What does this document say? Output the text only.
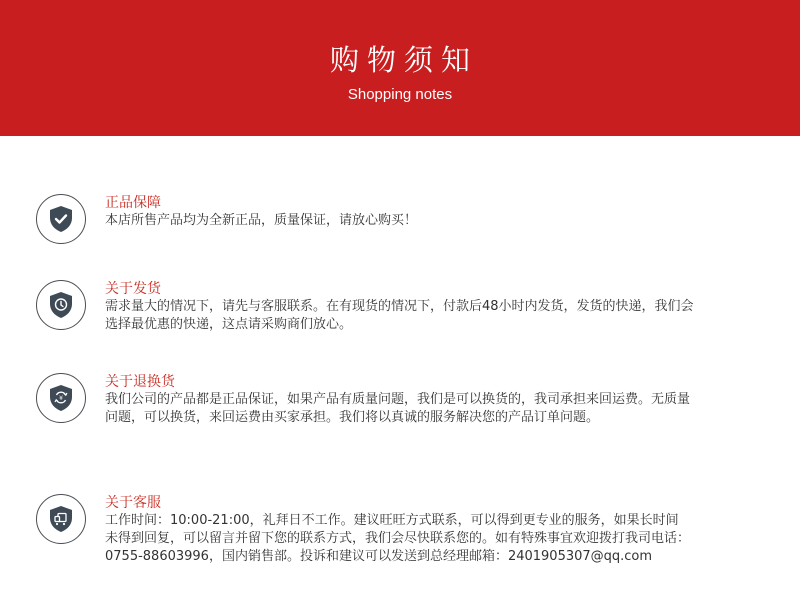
购物须知
Shopping notes
正品保障
本店所售产品均为全新正品，质量保证，请放心购买！
关于发货
需求量大的情况下，请先与客服联系。在有现货的情况下，付款后48小时内发货，发货的快递，我们会
选择最优惠的快递，这点请采购商们放心。
¥
关于退换货
我们公司的产品都是正品保证，如果产品有质量问题，我们是可以换货的，我司承担来回运费。无质量
问题，可以换货，来回运费由买家承担。我们将以真诚的服务解决您的产品订单问题。
关于客服
工作时间：10:00-21:00，礼拜日不工作。建议旺旺方式联系，可以得到更专业的服务，如果长时间
未得到回复，可以留言并留下您的联系方式，我们会尽快联系您的。如有特殊事宜欢迎拨打我司电话：
0755-88603996，国内销售部。投诉和建议可以发送到总经理邮箱：2401905307@qq.com
